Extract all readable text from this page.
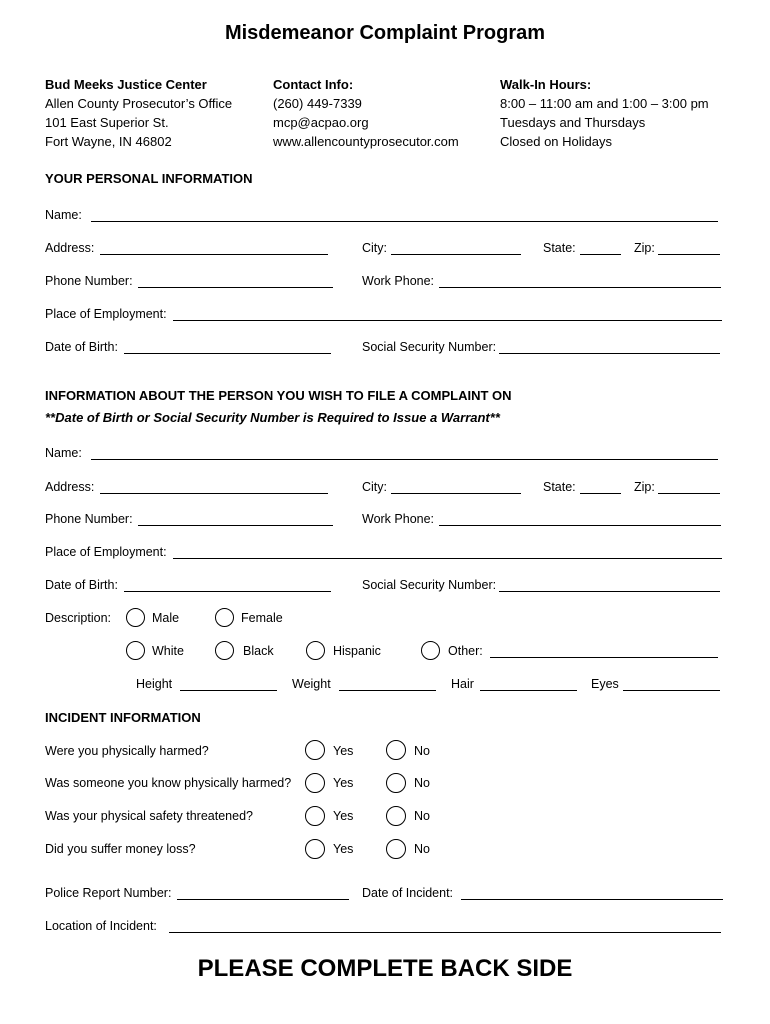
Misdemeanor Complaint Program
Bud Meeks Justice Center
Allen County Prosecutor’s Office
101 East Superior St.
Fort Wayne, IN 46802
Contact Info:
(260) 449-7339
mcp@acpao.org
www.allencountyprosecutor.com
Walk-In Hours:
8:00 – 11:00 am and 1:00 – 3:00 pm
Tuesdays and Thursdays
Closed on Holidays
YOUR PERSONAL INFORMATION
Name:
Address:	City:	State:	Zip:
Phone Number:	Work Phone:
Place of Employment:
Date of Birth:	Social Security Number:
INFORMATION ABOUT THE PERSON YOU WISH TO FILE A COMPLAINT ON
**Date of Birth or Social Security Number is Required to Issue a Warrant**
Name:
Address:	City:	State:	Zip:
Phone Number:	Work Phone:
Place of Employment:
Date of Birth:	Social Security Number:
Description:	Male	Female
White	Black	Hispanic	Other:
Height	Weight	Hair	Eyes
INCIDENT INFORMATION
Were you physically harmed?	Yes	No
Was someone you know physically harmed?	Yes	No
Was your physical safety threatened?	Yes	No
Did you suffer money loss?	Yes	No
Police Report Number:	Date of Incident:
Location of Incident:
PLEASE COMPLETE BACK SIDE
